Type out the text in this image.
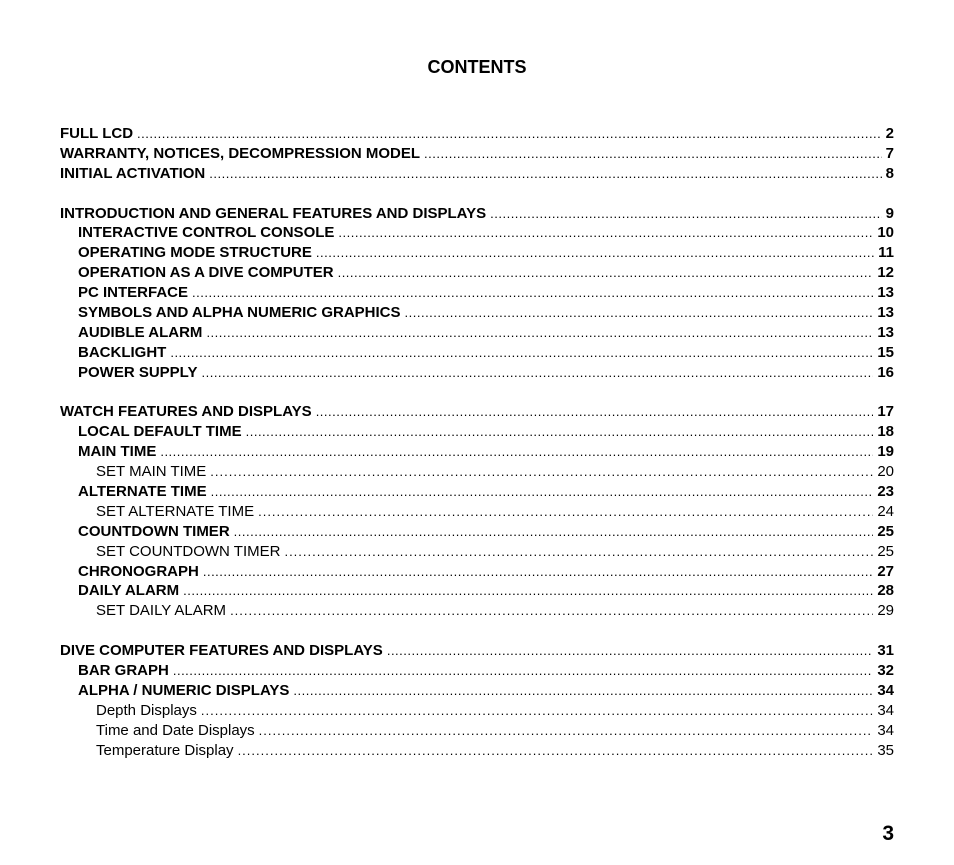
CONTENTS
FULL LCD .....	2
WARRANTY, NOTICES, DECOMPRESSION MODEL .....	7
INITIAL ACTIVATION .....	8
INTRODUCTION AND GENERAL FEATURES AND DISPLAYS .....	9
INTERACTIVE CONTROL CONSOLE .....	10
OPERATING MODE STRUCTURE .....	11
OPERATION AS A DIVE COMPUTER .....	12
PC INTERFACE .....	13
SYMBOLS AND ALPHA NUMERIC GRAPHICS .....	13
AUDIBLE ALARM .....	13
BACKLIGHT .....	15
POWER SUPPLY .....	16
WATCH FEATURES AND DISPLAYS .....	17
LOCAL DEFAULT TIME .....	18
MAIN TIME .....	19
SET MAIN TIME .....	20
ALTERNATE TIME .....	23
SET ALTERNATE TIME .....	24
COUNTDOWN TIMER .....	25
SET COUNTDOWN TIMER .....	25
CHRONOGRAPH .....	27
DAILY ALARM .....	28
SET DAILY ALARM .....	29
DIVE COMPUTER FEATURES AND DISPLAYS .....	31
BAR GRAPH .....	32
ALPHA / NUMERIC DISPLAYS .....	34
Depth Displays .....	34
Time and Date Displays .....	34
Temperature Display .....	35
3
